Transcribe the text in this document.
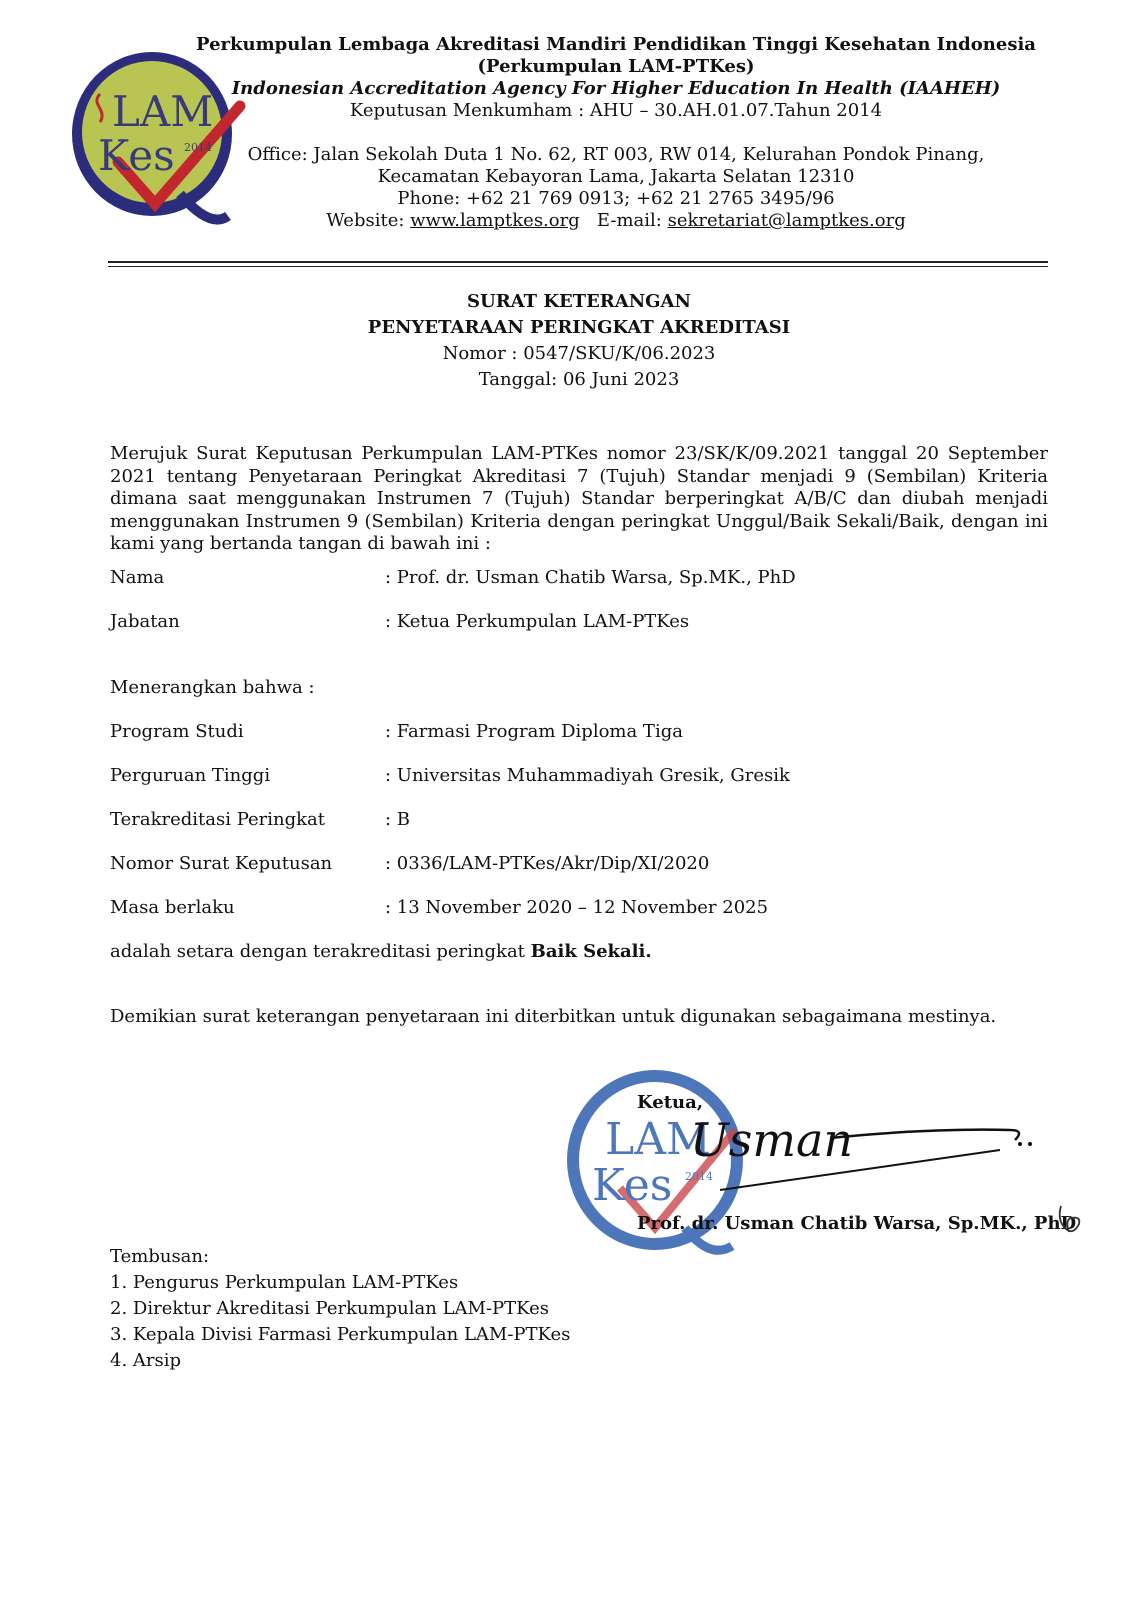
LAM
Kes 2014
Perkumpulan Lembaga Akreditasi Mandiri Pendidikan Tinggi Kesehatan Indonesia
(Perkumpulan LAM-PTKes)
Indonesian Accreditation Agency For Higher Education In Health (IAAHEH)
Keputusan Menkumham : AHU – 30.AH.01.07.Tahun 2014
Office: Jalan Sekolah Duta 1 No. 62, RT 003, RW 014, Kelurahan Pondok Pinang,
Kecamatan Kebayoran Lama, Jakarta Selatan 12310
Phone: +62 21 769 0913; +62 21 2765 3495/96
Website: www.lamptkes.org E-mail: sekretariat@lamptkes.org
SURAT KETERANGAN
PENYETARAAN PERINGKAT AKREDITASI
Nomor : 0547/SKU/K/06.2023
Tanggal: 06 Juni 2023
Merujuk Surat Keputusan Perkumpulan LAM-PTKes nomor 23/SK/K/09.2021 tanggal 20 September 2021 tentang Penyetaraan Peringkat Akreditasi 7 (Tujuh) Standar menjadi 9 (Sembilan) Kriteria dimana saat menggunakan Instrumen 7 (Tujuh) Standar berperingkat A/B/C dan diubah menjadi menggunakan Instrumen 9 (Sembilan) Kriteria dengan peringkat Unggul/Baik Sekali/Baik, dengan ini kami yang bertanda tangan di bawah ini :
Nama	: Prof. dr. Usman Chatib Warsa, Sp.MK., PhD
Jabatan	: Ketua Perkumpulan LAM-PTKes
Menerangkan bahwa :
Program Studi	: Farmasi Program Diploma Tiga
Perguruan Tinggi	: Universitas Muhammadiyah Gresik, Gresik
Terakreditasi Peringkat	: B
Nomor Surat Keputusan	: 0336/LAM-PTKes/Akr/Dip/XI/2020
Masa berlaku	: 13 November 2020 – 12 November 2025
adalah setara dengan terakreditasi peringkat Baik Sekali.
Demikian surat keterangan penyetaraan ini diterbitkan untuk digunakan sebagaimana mestinya.
LAM
Kes 2014
Usman
Ketua,
Prof. dr. Usman Chatib Warsa, Sp.MK., PhD
Tembusan:
1. Pengurus Perkumpulan LAM-PTKes
2. Direktur Akreditasi Perkumpulan LAM-PTKes
3. Kepala Divisi Farmasi Perkumpulan LAM-PTKes
4. Arsip
